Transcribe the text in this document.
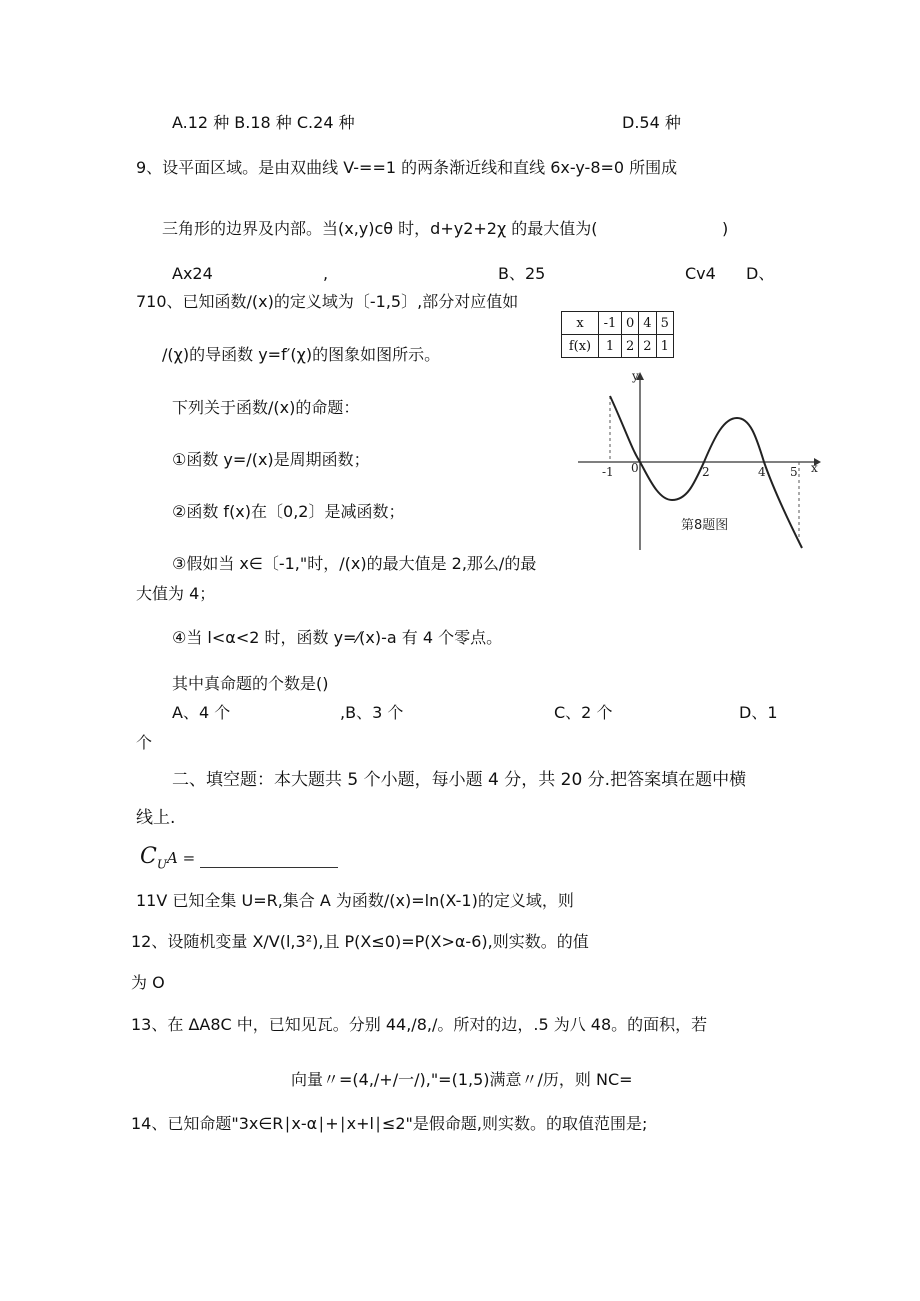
A.12 种 B.18 种 C.24 种	D.54 种
9、设平面区域。是由双曲线 V-==1 的两条渐近线和直线 6x-y-8=0 所围成
三角形的边界及内部。当(x,y)cθ 时，d+y2+2χ 的最大值为(	)
Ax24	,	B、25	Cv4 D、
710、已知函数/(x)的定义域为〔-1,5〕,部分对应值如
/(χ)的导函数 y=f′(χ)的图象如图所示。
下列关于函数/(x)的命题：
①函数 y=/(x)是周期函数；
②函数 f(x)在〔0,2〕是减函数；
③假如当 x∈〔-1,"时，/(x)的最大值是 2,那么/的最
大值为 4；
④当 l<α<2 时，函数 y=⁄(x)-a 有 4 个零点。
其中真命题的个数是()
A、4 个	,B、3 个	C、2 个	D、1
个
x	-1	0	4	5
f(x)	1	2	2	1
y
x
-1 0	2	4 5
第8题图
二、填空题：本大题共 5 个小题，每小题 4 分，共 20 分.把答案填在题中横
线上.
$C_UA$ =
11V 已知全集 U=R,集合 A 为函数/(x)=ln(X-1)的定义域，则
12、设随机变量 X/V(l,3²),且 P(X≤0)=P(X>α-6),则实数。的值
为 O
13、在 ΔA8C 中，已知见瓦。分别 44,/8,/。所对的边，.5 为八 48。的面积，若
向量〃=(4,/+/一/),"=(1,5)满意〃/历，则 NC=
14、已知命题"3x∈R∣x-α∣+∣x+l∣≤2"是假命题,则实数。的取值范围是;
